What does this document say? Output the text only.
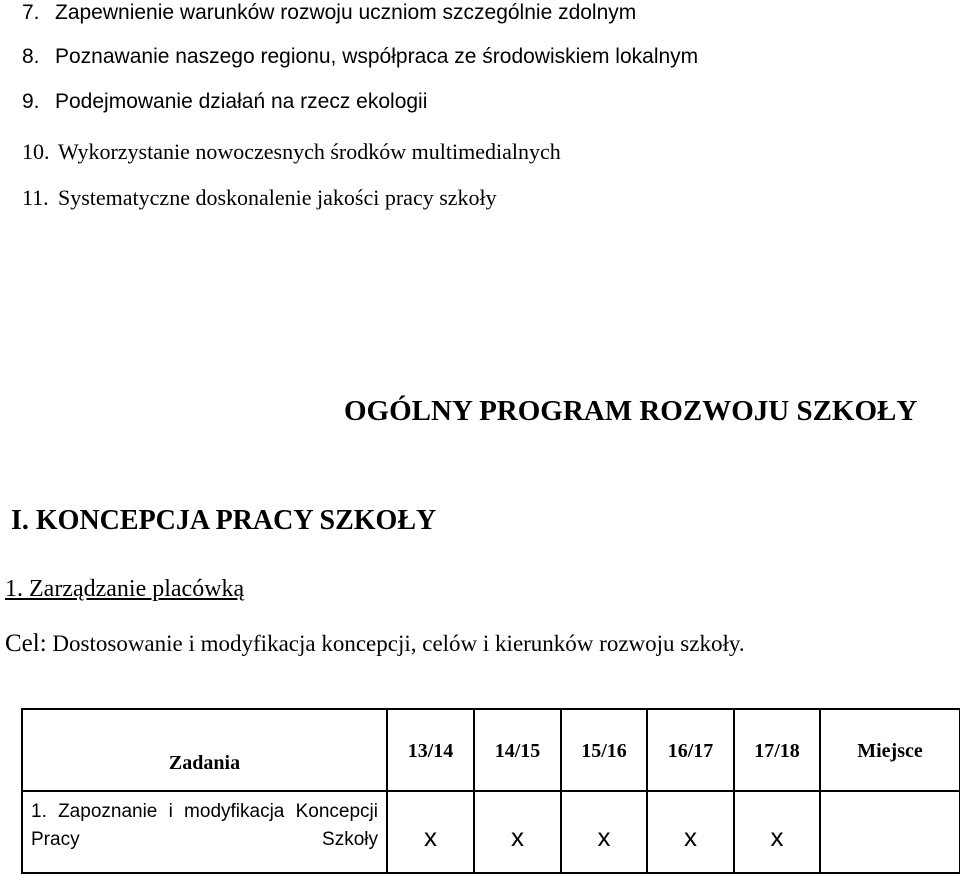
7. Zapewnienie warunków rozwoju uczniom szczególnie zdolnym
8. Poznawanie naszego regionu, współpraca ze środowiskiem lokalnym
9. Podejmowanie działań na rzecz ekologii
10. Wykorzystanie nowoczesnych środków multimedialnych
11. Systematyczne doskonalenie jakości pracy szkoły
OGÓLNY PROGRAM ROZWOJU SZKOŁY
I. KONCEPCJA PRACY SZKOŁY
1. Zarządzanie placówką
Cel: Dostosowanie i modyfikacja koncepcji, celów i kierunków rozwoju szkoły.
Zadania	13/14	14/15	15/16	16/17	17/18	Miejsce

1. Zapoznanie i modyfikacja Koncepcji Pracy Szkoły	x	x	x	x	x	
